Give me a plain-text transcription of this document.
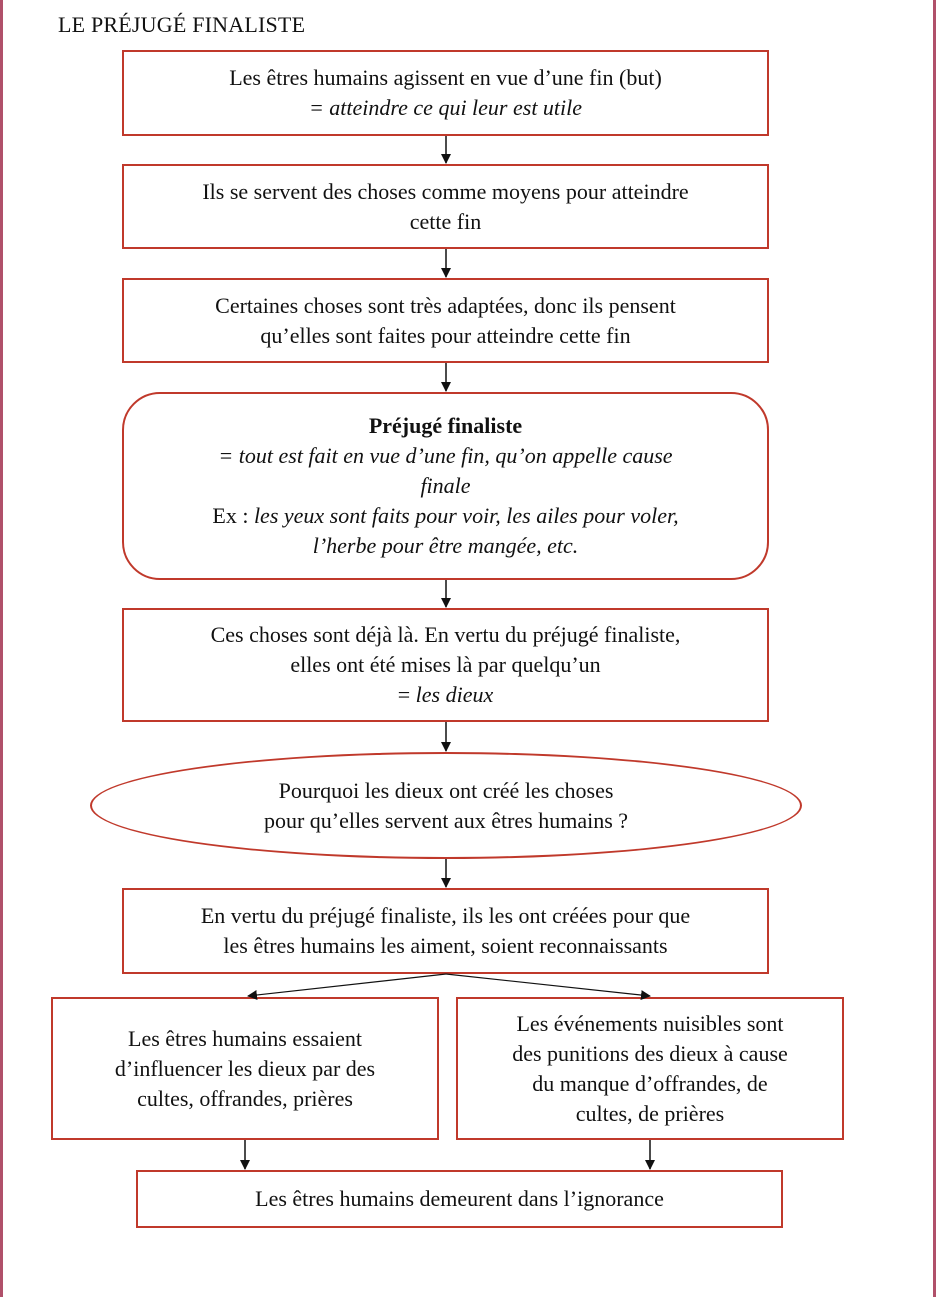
LE PRÉJUGÉ FINALISTE
Les êtres humains agissent en vue d’une fin (but)
= atteindre ce qui leur est utile
Ils se servent des choses comme moyens pour atteindre
cette fin
Certaines choses sont très adaptées, donc ils pensent
qu’elles sont faites pour atteindre cette fin
Préjugé finaliste
= tout est fait en vue d’une fin, qu’on appelle cause
finale
Ex : les yeux sont faits pour voir, les ailes pour voler,
l’herbe pour être mangée, etc.
Ces choses sont déjà là. En vertu du préjugé finaliste,
elles ont été mises là par quelqu’un
= les dieux
Pourquoi les dieux ont créé les choses
pour qu’elles servent aux êtres humains ?
En vertu du préjugé finaliste, ils les ont créées pour que
les êtres humains les aiment, soient reconnaissants
Les êtres humains essaient
d’influencer les dieux par des
cultes, offrandes, prières
Les événements nuisibles sont
des punitions des dieux à cause
du manque d’offrandes, de
cultes, de prières
Les êtres humains demeurent dans l’ignorance
